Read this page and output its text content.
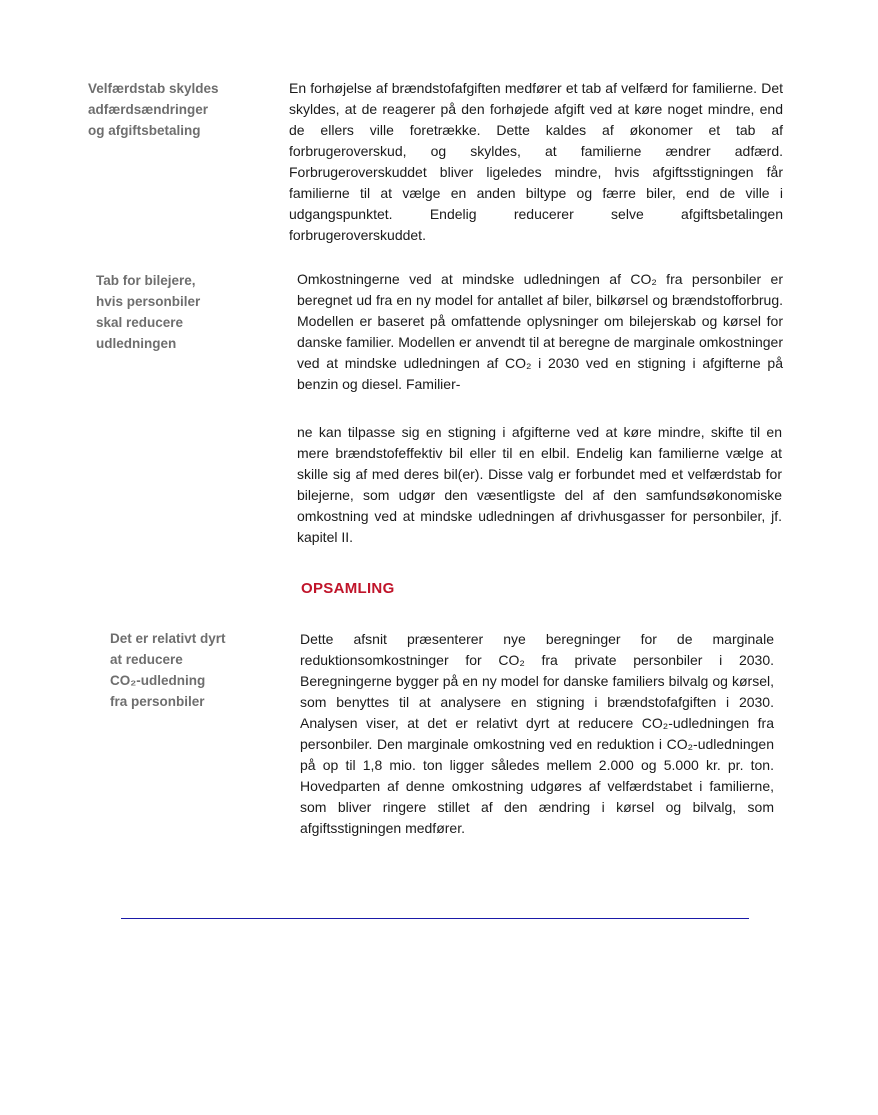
Velfærdstab skyldes
adfærdsændringer
og afgiftsbetaling
En forhøjelse af brændstofafgiften medfører et tab af velfærd for familierne. Det skyldes, at de reagerer på den forhøjede afgift ved at køre noget mindre, end de ellers ville foretrække. Dette kaldes af økonomer et tab af forbrugeroverskud, og skyldes, at familierne ændrer adfærd. Forbrugeroverskuddet bliver ligeledes mindre, hvis afgiftsstigningen får familierne til at vælge en anden biltype og færre biler, end de ville i udgangspunktet. Endelig reducerer selve afgiftsbetalingen forbrugeroverskuddet.
Tab for bilejere,
hvis personbiler
skal reducere
udledningen
Omkostningerne ved at mindske udledningen af CO₂ fra personbiler er beregnet ud fra en ny model for antallet af biler, bilkørsel og brændstofforbrug. Modellen er baseret på omfattende oplysninger om bilejerskab og kørsel for danske familier. Modellen er anvendt til at beregne de marginale omkostninger ved at mindske udledningen af CO₂ i 2030 ved en stigning i afgifterne på benzin og diesel. Familier-
ne kan tilpasse sig en stigning i afgifterne ved at køre mindre, skifte til en mere brændstofeffektiv bil eller til en elbil. Endelig kan familierne vælge at skille sig af med deres bil(er). Disse valg er forbundet med et velfærdstab for bilejerne, som udgør den væsentligste del af den samfundsøkonomiske omkostning ved at mindske udledningen af drivhusgasser for personbiler, jf. kapitel II.
OPSAMLING
Det er relativt dyrt
at reducere
CO₂-udledning
fra personbiler
Dette afsnit præsenterer nye beregninger for de marginale reduktionsomkostninger for CO₂ fra private personbiler i 2030. Beregningerne bygger på en ny model for danske familiers bilvalg og kørsel, som benyttes til at analysere en stigning i brændstofafgiften i 2030. Analysen viser, at det er relativt dyrt at reducere CO₂-udledningen fra personbiler. Den marginale omkostning ved en reduktion i CO₂-udledningen på op til 1,8 mio. ton ligger således mellem 2.000 og 5.000 kr. pr. ton. Hovedparten af denne omkostning udgøres af velfærdstabet i familierne, som bliver ringere stillet af den ændring i kørsel og bilvalg, som afgiftsstigningen medfører.
